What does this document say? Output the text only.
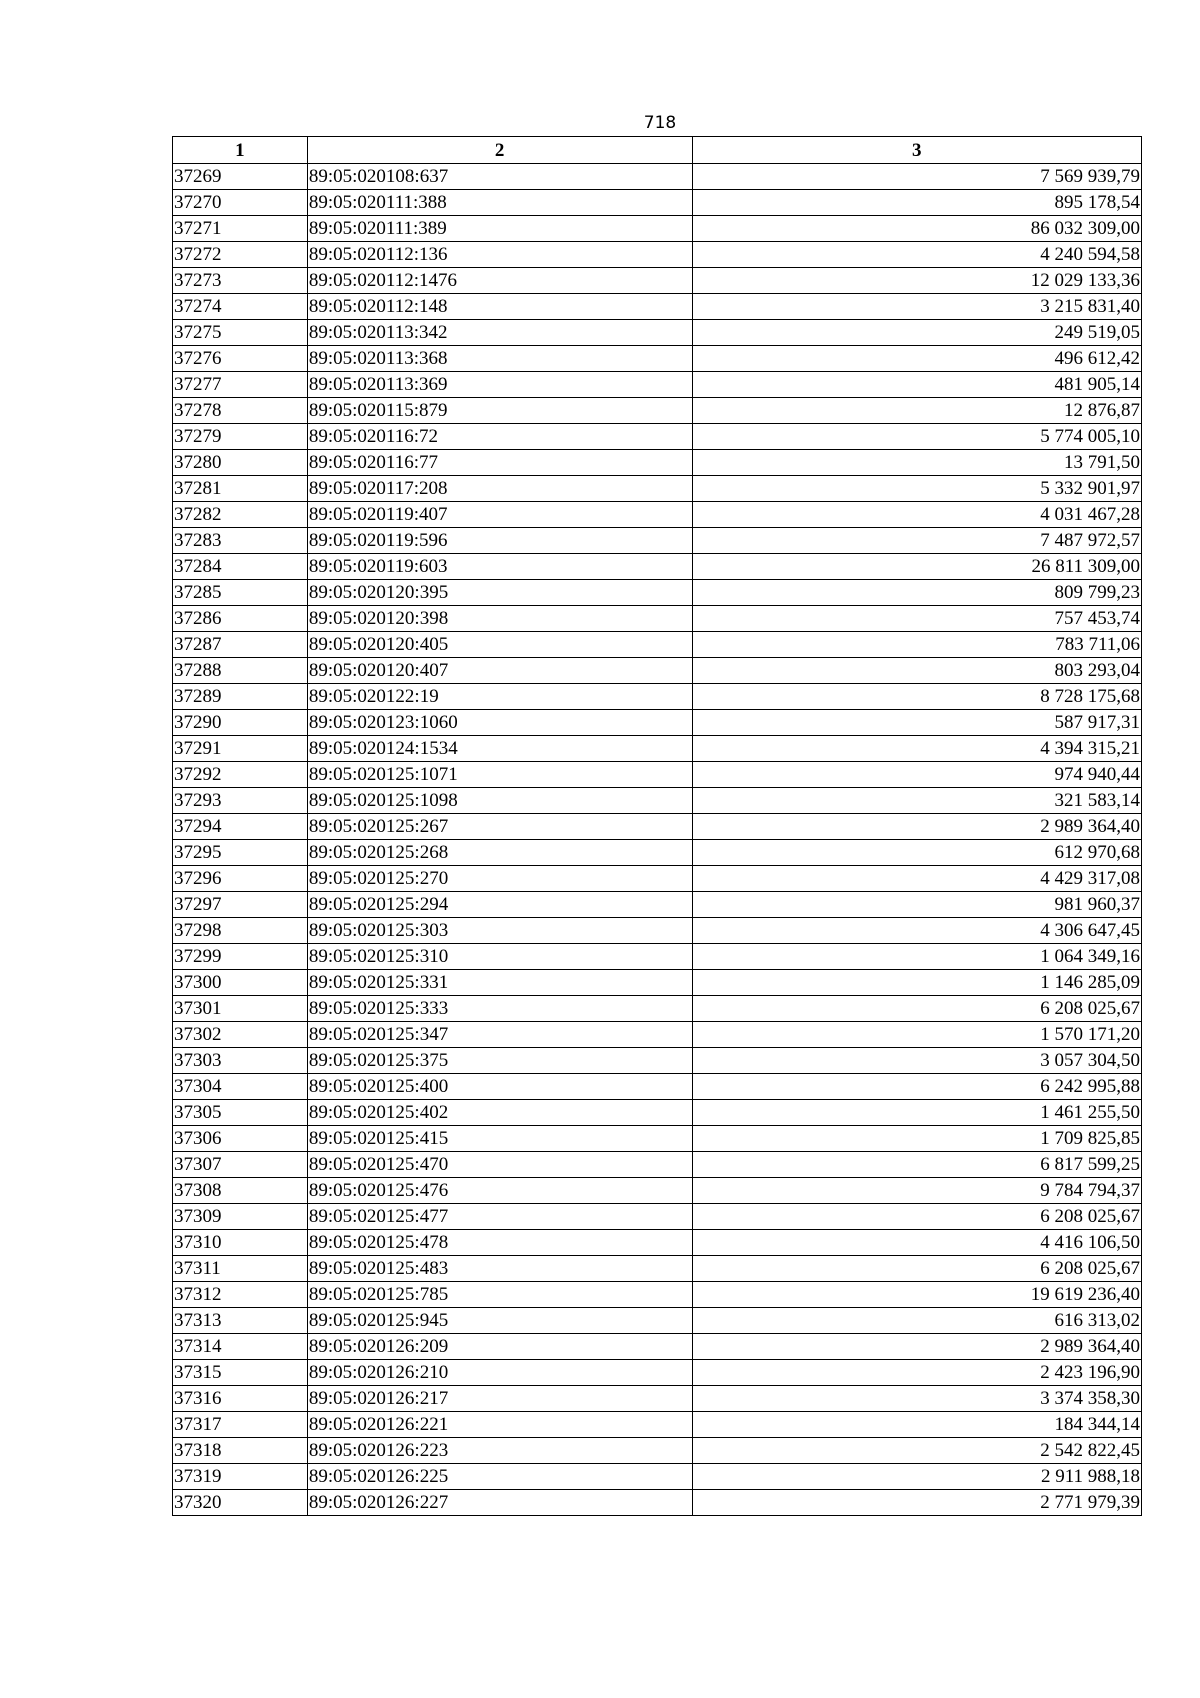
718
1	2	3
37269	89:05:020108:637	7 569 939,79
37270	89:05:020111:388	895 178,54
37271	89:05:020111:389	86 032 309,00
37272	89:05:020112:136	4 240 594,58
37273	89:05:020112:1476	12 029 133,36
37274	89:05:020112:148	3 215 831,40
37275	89:05:020113:342	249 519,05
37276	89:05:020113:368	496 612,42
37277	89:05:020113:369	481 905,14
37278	89:05:020115:879	12 876,87
37279	89:05:020116:72	5 774 005,10
37280	89:05:020116:77	13 791,50
37281	89:05:020117:208	5 332 901,97
37282	89:05:020119:407	4 031 467,28
37283	89:05:020119:596	7 487 972,57
37284	89:05:020119:603	26 811 309,00
37285	89:05:020120:395	809 799,23
37286	89:05:020120:398	757 453,74
37287	89:05:020120:405	783 711,06
37288	89:05:020120:407	803 293,04
37289	89:05:020122:19	8 728 175,68
37290	89:05:020123:1060	587 917,31
37291	89:05:020124:1534	4 394 315,21
37292	89:05:020125:1071	974 940,44
37293	89:05:020125:1098	321 583,14
37294	89:05:020125:267	2 989 364,40
37295	89:05:020125:268	612 970,68
37296	89:05:020125:270	4 429 317,08
37297	89:05:020125:294	981 960,37
37298	89:05:020125:303	4 306 647,45
37299	89:05:020125:310	1 064 349,16
37300	89:05:020125:331	1 146 285,09
37301	89:05:020125:333	6 208 025,67
37302	89:05:020125:347	1 570 171,20
37303	89:05:020125:375	3 057 304,50
37304	89:05:020125:400	6 242 995,88
37305	89:05:020125:402	1 461 255,50
37306	89:05:020125:415	1 709 825,85
37307	89:05:020125:470	6 817 599,25
37308	89:05:020125:476	9 784 794,37
37309	89:05:020125:477	6 208 025,67
37310	89:05:020125:478	4 416 106,50
37311	89:05:020125:483	6 208 025,67
37312	89:05:020125:785	19 619 236,40
37313	89:05:020125:945	616 313,02
37314	89:05:020126:209	2 989 364,40
37315	89:05:020126:210	2 423 196,90
37316	89:05:020126:217	3 374 358,30
37317	89:05:020126:221	184 344,14
37318	89:05:020126:223	2 542 822,45
37319	89:05:020126:225	2 911 988,18
37320	89:05:020126:227	2 771 979,39
